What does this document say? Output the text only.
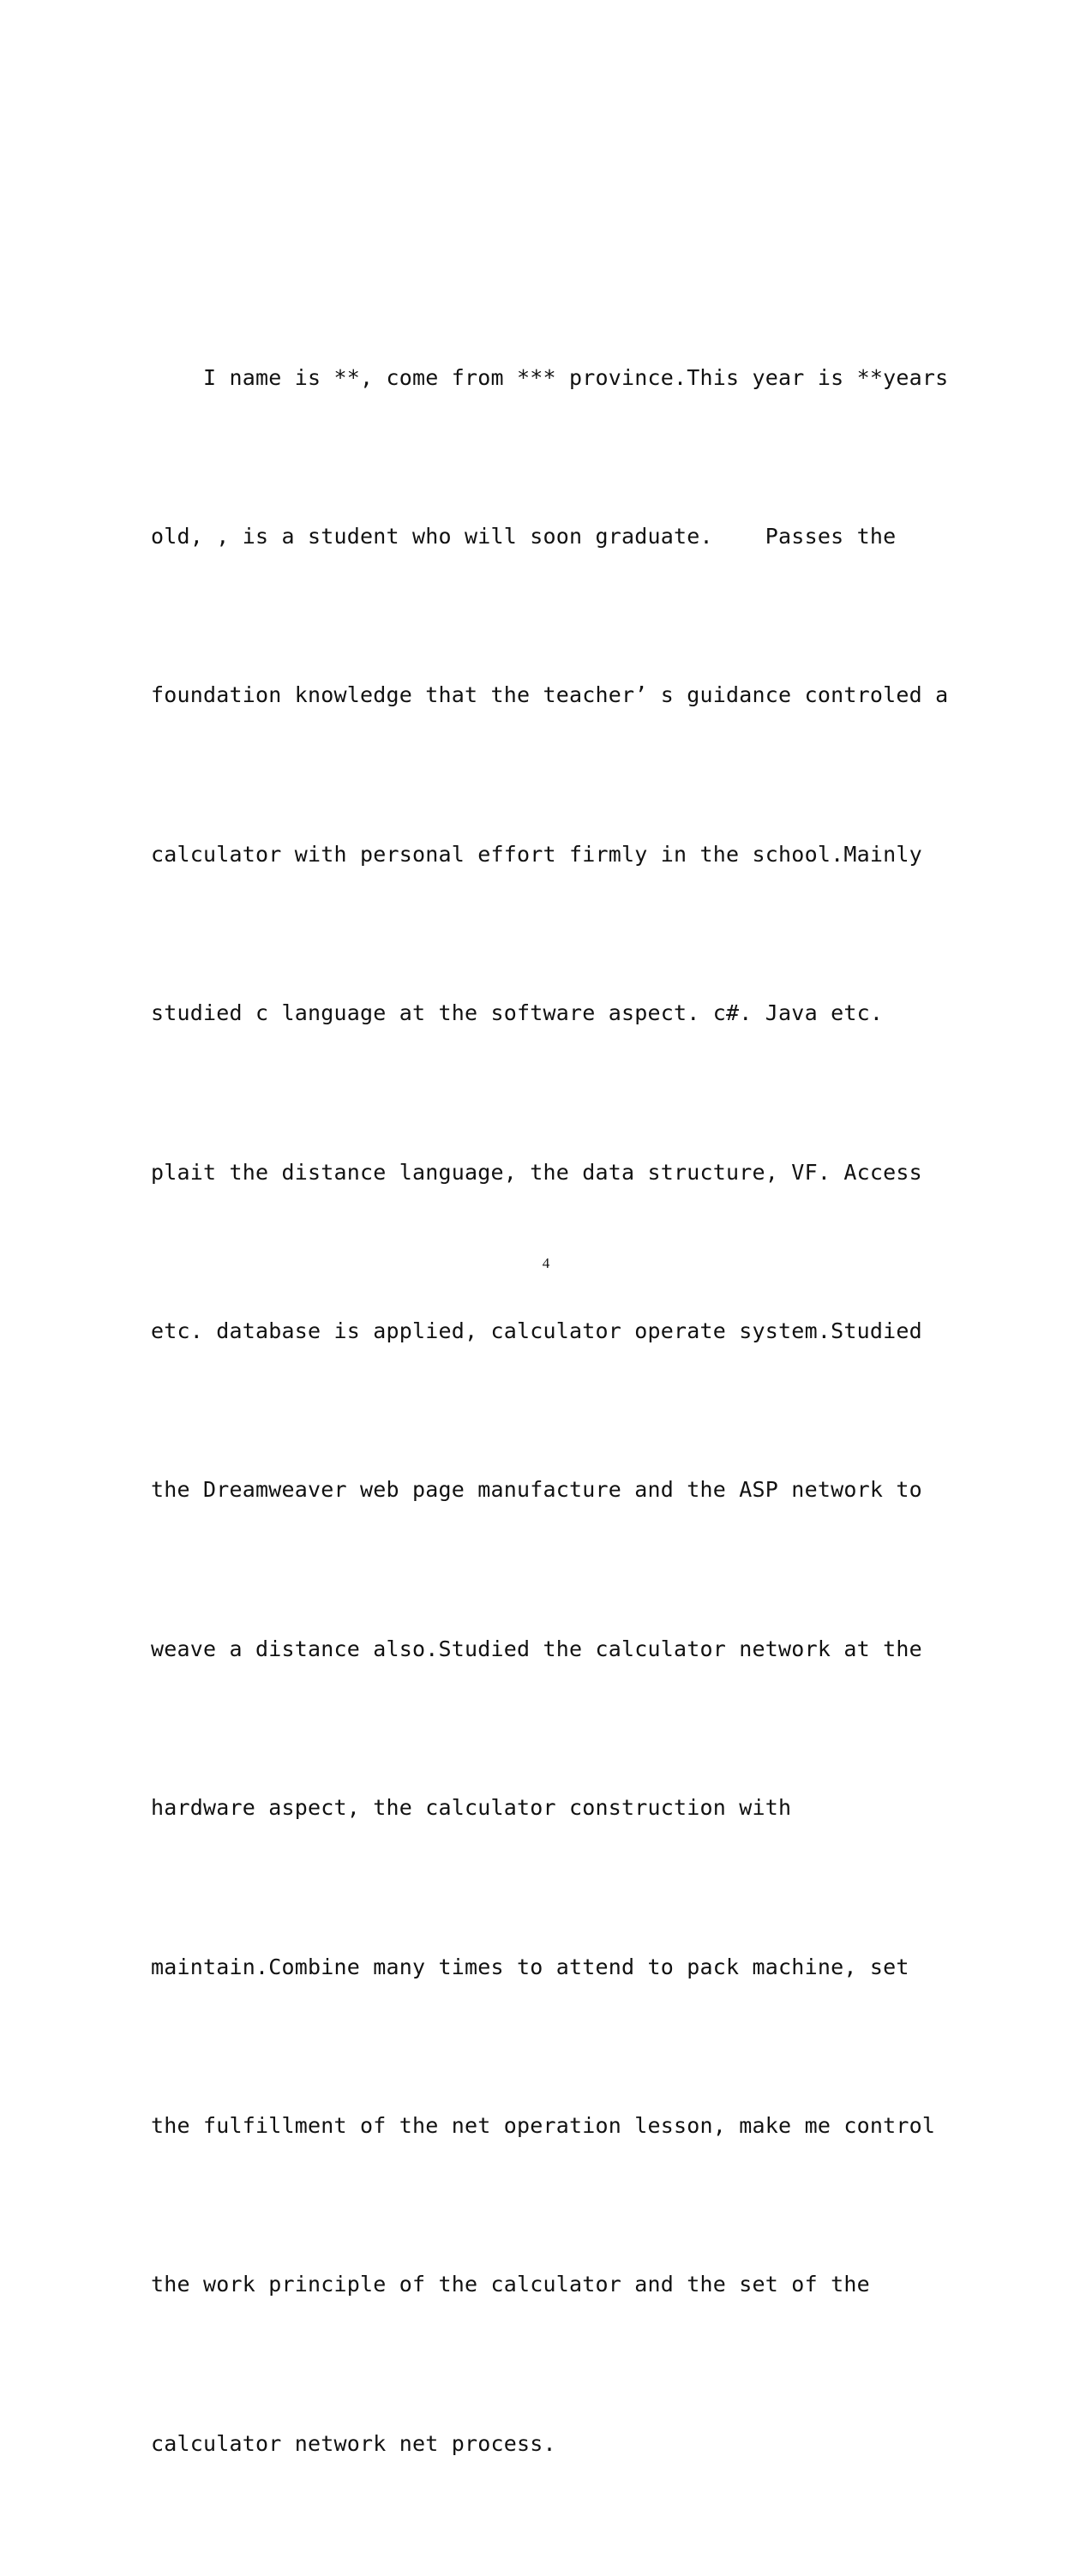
I name is **, come from *** province.This year is **years

old, , is a student who will soon graduate.    Passes the

foundation knowledge that the teacher’ s guidance controled a

calculator with personal effort firmly in the school.Mainly

studied c language at the software aspect. c#. Java etc.

plait the distance language, the data structure, VF. Access

etc. database is applied, calculator operate system.Studied

the Dreamweaver web page manufacture and the ASP network to

weave a distance also.Studied the calculator network at the

hardware aspect, the calculator construction with

maintain.Combine many times to attend to pack machine, set

the fulfillment of the net operation lesson, make me control

the work principle of the calculator and the set of the

calculator network net process.

4
